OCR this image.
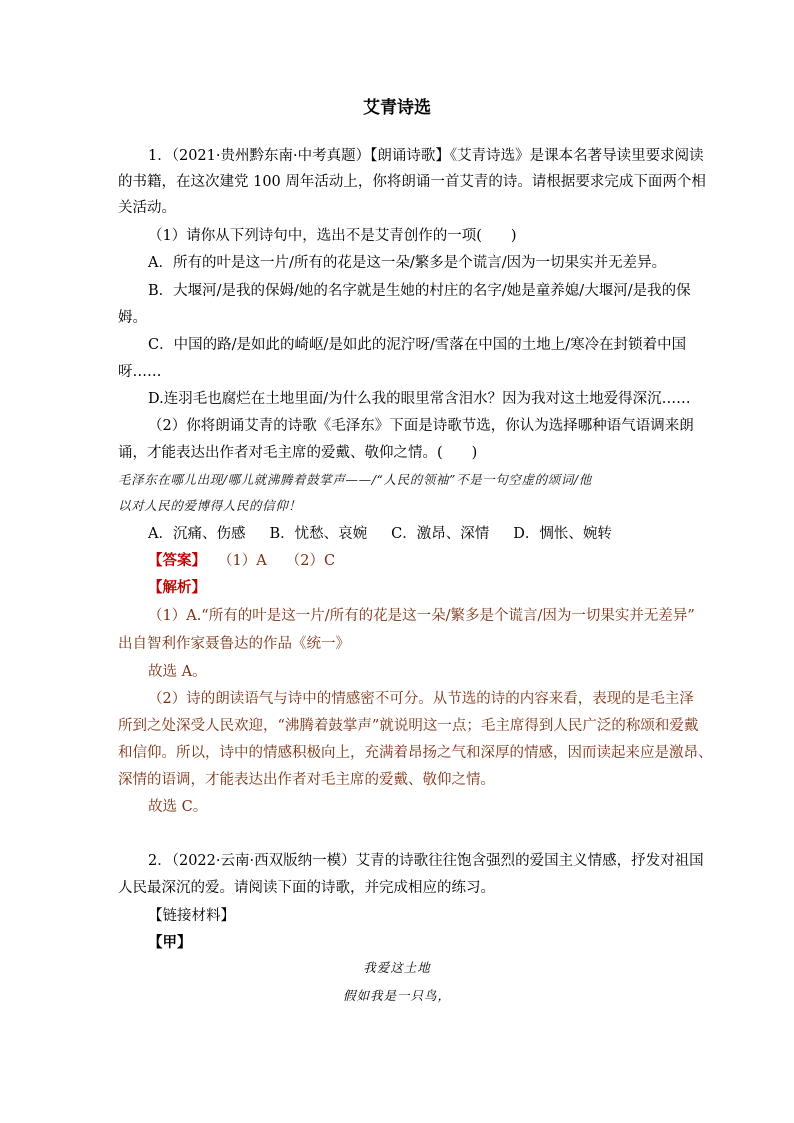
艾青诗选
1．（2021·贵州黔东南·中考真题）【朗诵诗歌】《艾青诗选》是课本名著导读里要求阅读
的书籍，在这次建党 100 周年活动上，你将朗诵一首艾青的诗。请根据要求完成下面两个相
关活动。
（1）请你从下列诗句中，选出不是艾青创作的一项(　　)
A．所有的叶是这一片/所有的花是这一朵/繁多是个谎言/因为一切果实并无差异。
B．大堰河/是我的保姆/她的名字就是生她的村庄的名字/她是童养媳/大堰河/是我的保
姆。
C．中国的路/是如此的崎岖/是如此的泥泞呀/雪落在中国的土地上/寒冷在封锁着中国
呀……
D.连羽毛也腐烂在土地里面/为什么我的眼里常含泪水？因为我对这土地爱得深沉……
（2）你将朗诵艾青的诗歌《毛泽东》下面是诗歌节选，你认为选择哪种语气语调来朗
诵，才能表达出作者对毛主席的爱戴、敬仰之情。(　　)
毛泽东在哪儿出现/哪儿就沸腾着鼓掌声——/“人民的领袖”不是一句空虚的颂词/他
以对人民的爱博得人民的信仰！
A．沉痛、伤感 B．忧愁、哀婉 C．激昂、深情 D．惆怅、婉转
【答案】 （1）A　 （2）C
【解析】
（1）A.“所有的叶是这一片/所有的花是这一朵/繁多是个谎言/因为一切果实并无差异”
出自智利作家聂鲁达的作品《统一》
故选 A。
（2）诗的朗读语气与诗中的情感密不可分。从节选的诗的内容来看，表现的是毛主泽
所到之处深受人民欢迎，“沸腾着鼓掌声”就说明这一点；毛主席得到人民广泛的称颂和爱戴
和信仰。所以，诗中的情感积极向上，充满着昂扬之气和深厚的情感，因而读起来应是激昂、
深情的语调，才能表达出作者对毛主席的爱戴、敬仰之情。
故选 C。
2．（2022·云南·西双版纳一模）艾青的诗歌往往饱含强烈的爱国主义情感，抒发对祖国
人民最深沉的爱。请阅读下面的诗歌，并完成相应的练习。
【链接材料】
【甲】
我爱这土地
假如我是一只鸟，
